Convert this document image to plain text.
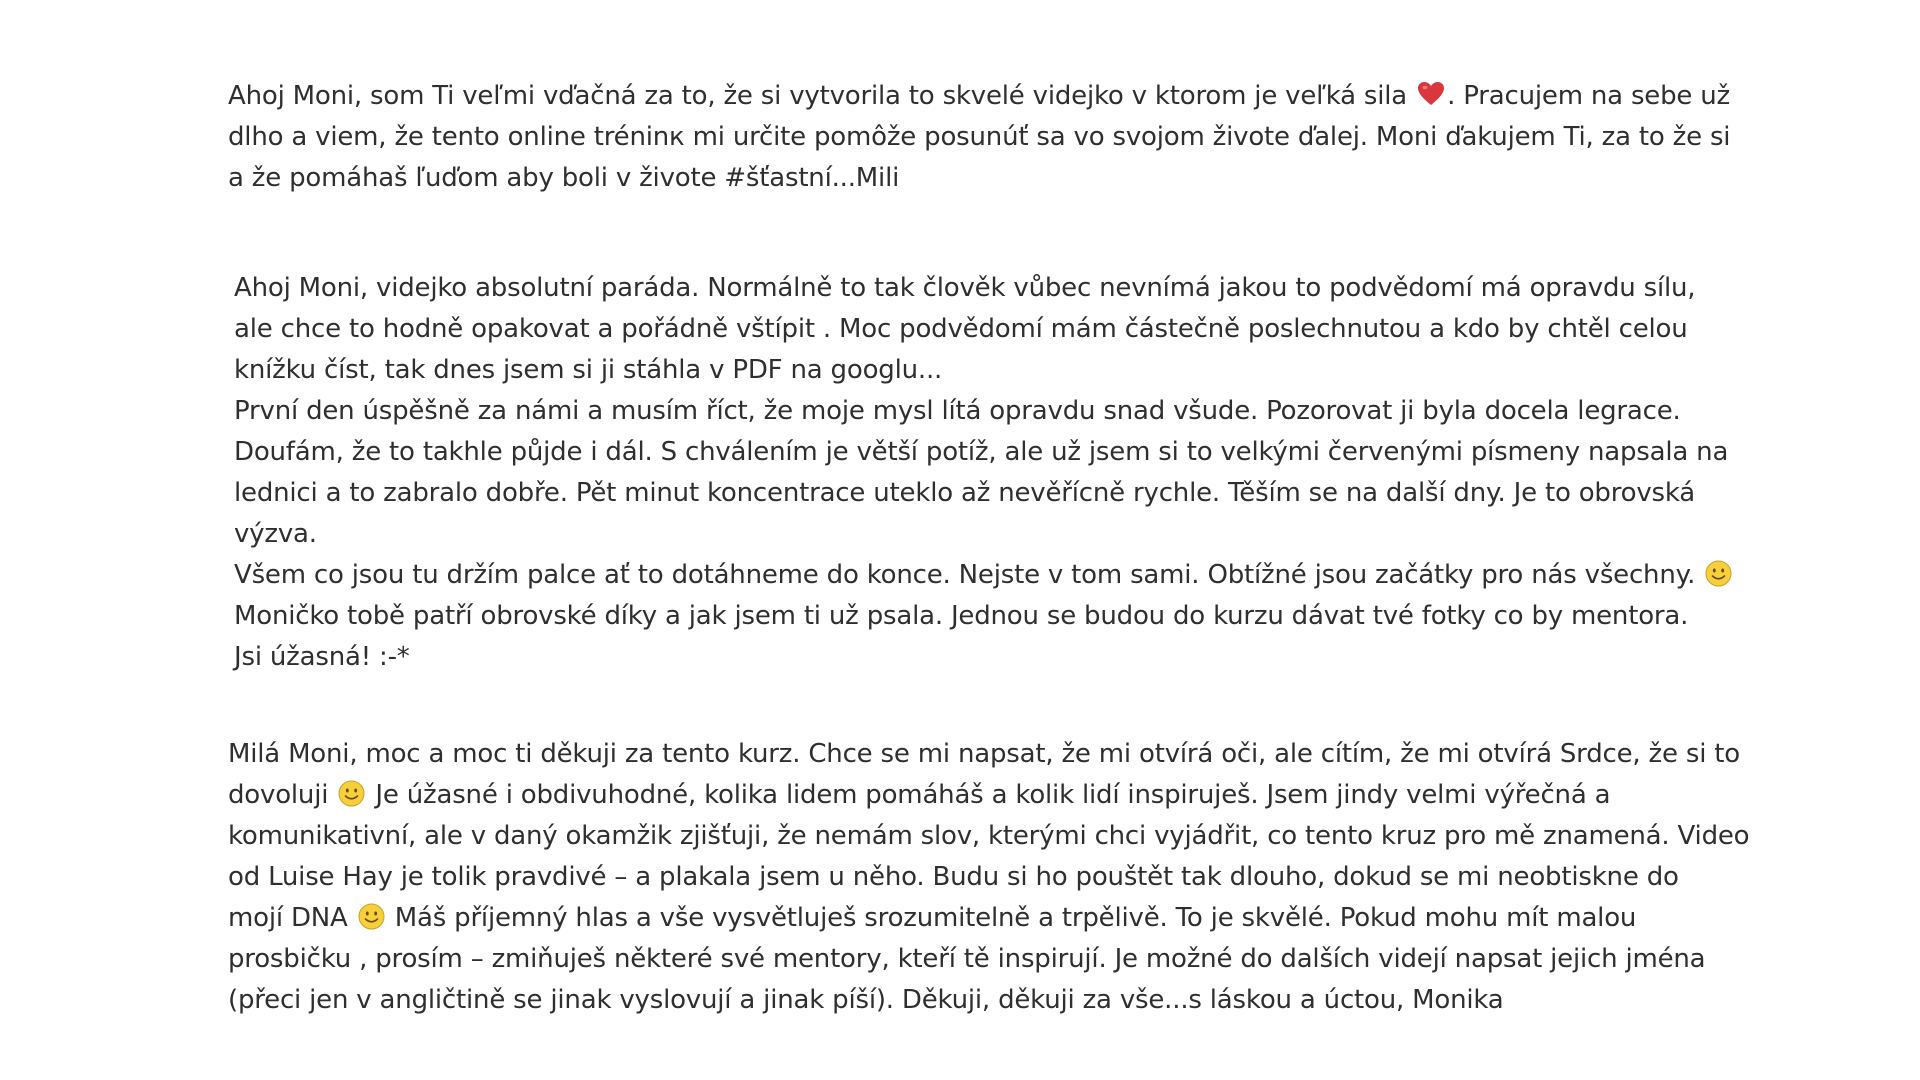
Ahoj Moni, som Ti veľmi vďačná za to, že si vytvorila to skvelé videjko v ktorom je veľká sila . Pracujem na sebe už
dlho a viem, že tento online tréninк mi určite pomôže posunúť sa vo svojom živote ďalej. Moni ďakujem Ti, za to že si
a že pomáhaš ľuďom aby boli v živote #šťastní...Mili
Ahoj Moni, videjko absolutní paráda. Normálně to tak člověk vůbec nevnímá jakou to podvědomí má opravdu sílu,
ale chce to hodně opakovat a pořádně vštípit . Moc podvědomí mám částečně poslechnutou a kdo by chtěl celou
knížku číst, tak dnes jsem si ji stáhla v PDF na googlu...
První den úspěšně za námi a musím říct, že moje mysl lítá opravdu snad všude. Pozorovat ji byla docela legrace.
Doufám, že to takhle půjde i dál. S chválením je větší potíž, ale už jsem si to velkými červenými písmeny napsala na
lednici a to zabralo dobře. Pět minut koncentrace uteklo až nevěřícně rychle. Těším se na další dny. Je to obrovská
výzva.
Všem co jsou tu držím palce ať to dotáhneme do konce. Nejste v tom sami. Obtížné jsou začátky pro nás všechny.
Moničko tobě patří obrovské díky a jak jsem ti už psala. Jednou se budou do kurzu dávat tvé fotky co by mentora.
Jsi úžasná! :-*
Milá Moni, moc a moc ti děkuji za tento kurz. Chce se mi napsat, že mi otvírá oči, ale cítím, že mi otvírá Srdce, že si to
dovoluji Je úžasné i obdivuhodné, kolika lidem pomáháš a kolik lidí inspiruješ. Jsem jindy velmi výřečná a
komunikativní, ale v daný okamžik zjišťuji, že nemám slov, kterými chci vyjádřit, co tento kruz pro mě znamená. Video
od Luise Hay je tolik pravdivé – a plakala jsem u něho. Budu si ho pouštět tak dlouho, dokud se mi neobtiskne do
mojí DNA Máš příjemný hlas a vše vysvětluješ srozumitelně a trpělivě. To je skvělé. Pokud mohu mít malou
prosbičku , prosím – zmiňuješ některé své mentory, kteří tě inspirují. Je možné do dalších videjí napsat jejich jména
(přeci jen v angličtině se jinak vyslovují a jinak píší). Děkuji, děkuji za vše...s láskou a úctou, Monika
